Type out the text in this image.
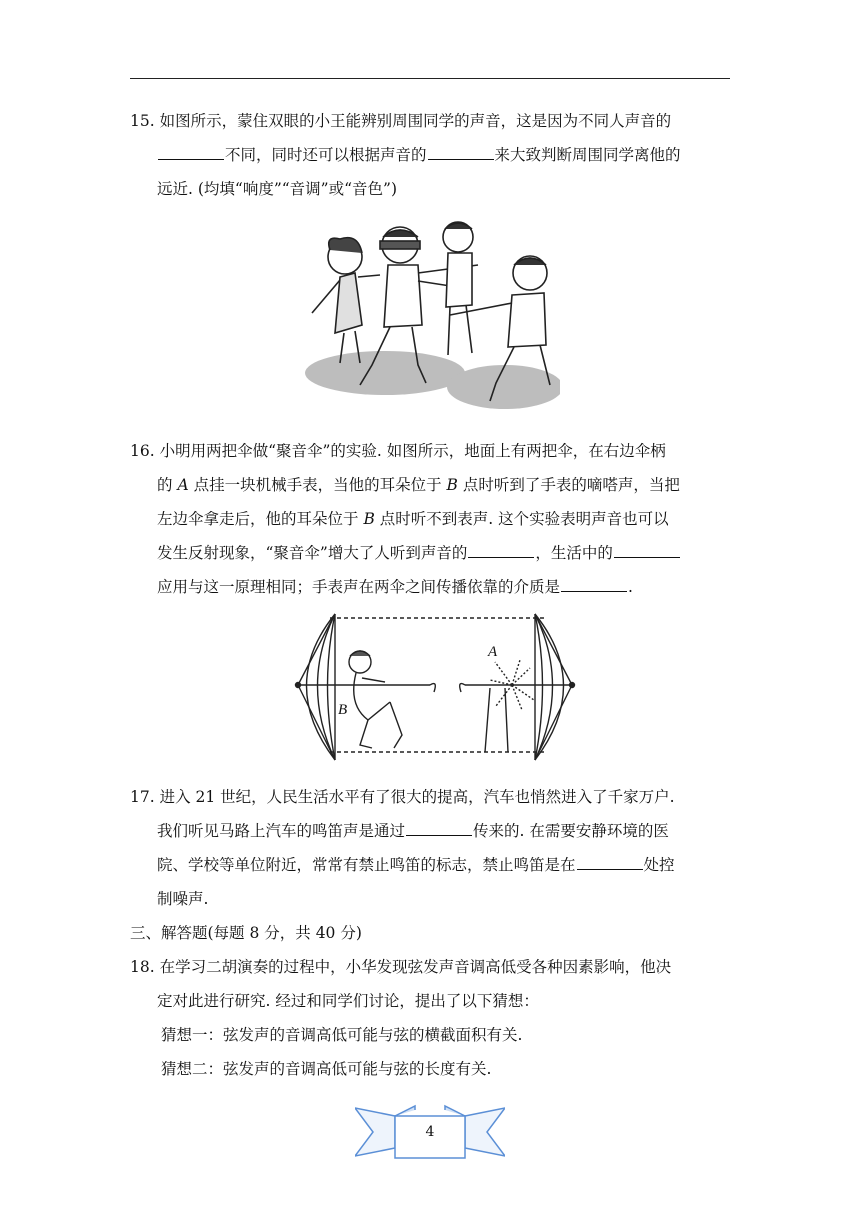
15. 如图所示，蒙住双眼的小王能辨别周围同学的声音，这是因为不同人声音的
不同，同时还可以根据声音的	来大致判断周围同学离他的
远近. (均填“响度”“音调”或“音色”)
16. 小明用两把伞做“聚音伞”的实验. 如图所示，地面上有两把伞，在右边伞柄
的 A 点挂一块机械手表，当他的耳朵位于 B 点时听到了手表的嘀嗒声，当把
左边伞拿走后，他的耳朵位于 B 点时听不到表声. 这个实验表明声音也可以
发生反射现象，“聚音伞”增大了人听到声音的	，生活中的
应用与这一原理相同；手表声在两伞之间传播依靠的介质是	.
A
B
17. 进入 21 世纪，人民生活水平有了很大的提高，汽车也悄然进入了千家万户.
我们听见马路上汽车的鸣笛声是通过	传来的. 在需要安静环境的医
院、学校等单位附近，常常有禁止鸣笛的标志，禁止鸣笛是在	处控
制噪声.
三、解答题(每题 8 分，共 40 分)
18. 在学习二胡演奏的过程中，小华发现弦发声音调高低受各种因素影响，他决
定对此进行研究. 经过和同学们讨论，提出了以下猜想：
猜想一：弦发声的音调高低可能与弦的横截面积有关.
猜想二：弦发声的音调高低可能与弦的长度有关.
4
